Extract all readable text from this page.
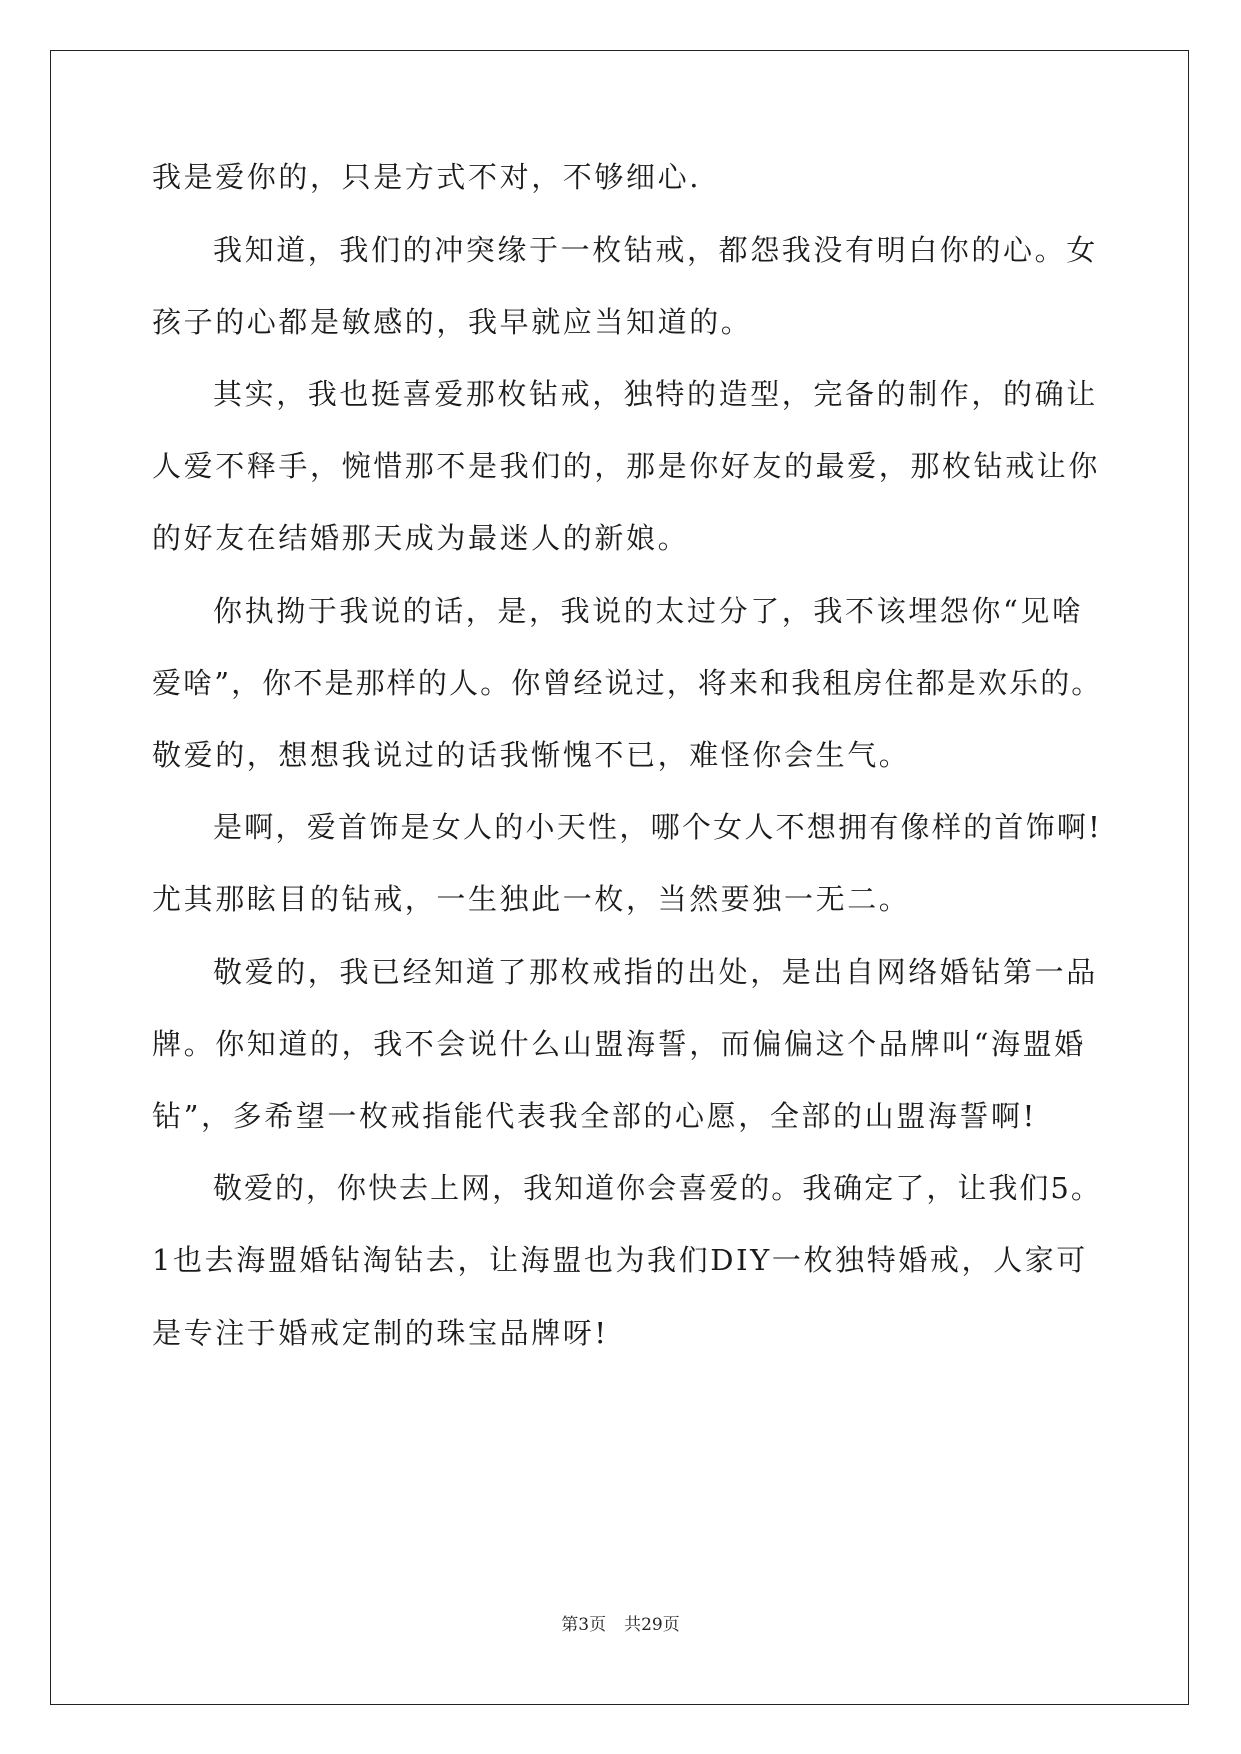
我是爱你的，只是方式不对，不够细心.
我知道，我们的冲突缘于一枚钻戒，都怨我没有明白你的心。女
孩子的心都是敏感的，我早就应当知道的。
其实，我也挺喜爱那枚钻戒，独特的造型，完备的制作，的确让
人爱不释手，惋惜那不是我们的，那是你好友的最爱，那枚钻戒让你
的好友在结婚那天成为最迷人的新娘。
你执拗于我说的话，是，我说的太过分了，我不该埋怨你“见啥
爱啥”，你不是那样的人。你曾经说过，将来和我租房住都是欢乐的。
敬爱的，想想我说过的话我惭愧不已，难怪你会生气。
是啊，爱首饰是女人的小天性，哪个女人不想拥有像样的首饰啊!
尤其那眩目的钻戒，一生独此一枚，当然要独一无二。
敬爱的，我已经知道了那枚戒指的出处，是出自网络婚钻第一品
牌。你知道的，我不会说什么山盟海誓，而偏偏这个品牌叫“海盟婚
钻”，多希望一枚戒指能代表我全部的心愿，全部的山盟海誓啊!
敬爱的，你快去上网，我知道你会喜爱的。我确定了，让我们5。
1也去海盟婚钻淘钻去，让海盟也为我们DIY一枚独特婚戒，人家可
是专注于婚戒定制的珠宝品牌呀!
第3页 共29页
